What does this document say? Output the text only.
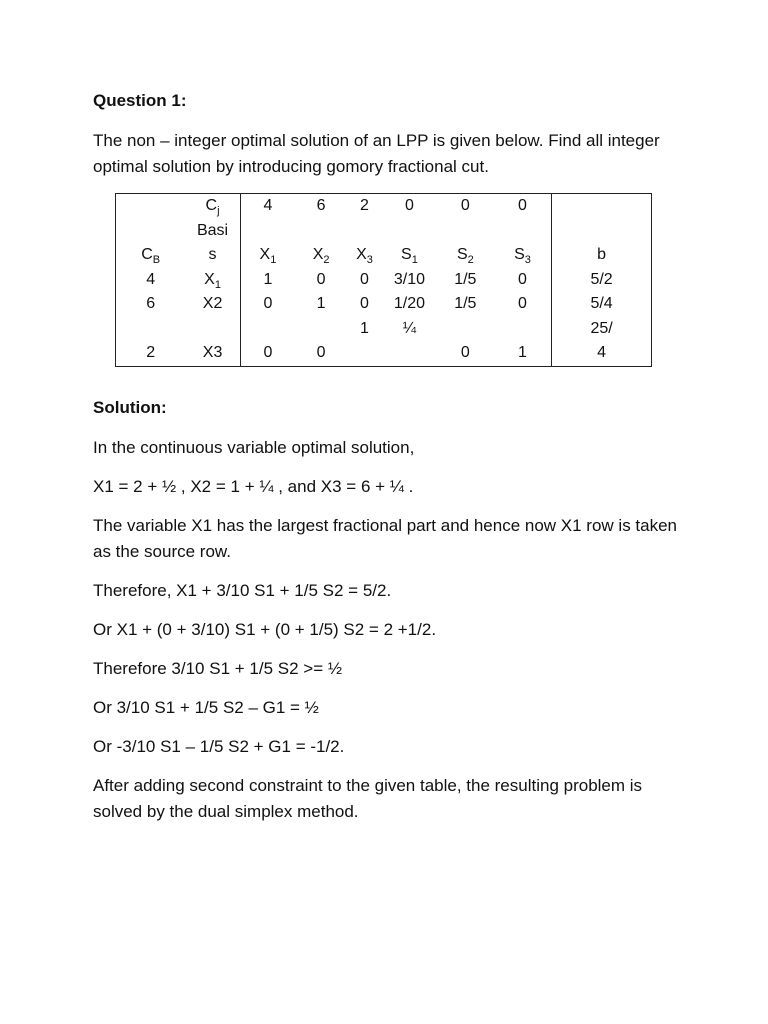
Question 1:
The non – integer optimal solution of an LPP is given below. Find all integer optimal solution by introducing gomory fractional cut.
	$C_j$	4	6	2	0	0	0	
	Basi							
$C_B$	s	$X_1$	$X_2$	$X_3$	$S_1$	$S_2$	$S_3$	b
4	$X_1$	1	0	0	3/10	1/5	0	5/2
6	X2	0	1	0	1/20	1/5	0	5/4
				1	¼			25/
2	X3	0	0			0	1	4
Solution:
In the continuous variable optimal solution,
X1 = 2 + ½ , X2 = 1 + ¼ , and X3 = 6 + ¼ .
The variable X1 has the largest fractional part and hence now X1 row is taken as the source row.
Therefore, X1 + 3/10 S1 + 1/5 S2 = 5/2.
Or X1 + (0 + 3/10) S1 + (0 + 1/5) S2 = 2 +1/2.
Therefore 3/10 S1 + 1/5 S2 >= ½
Or 3/10 S1 + 1/5 S2 – G1 = ½
Or -3/10 S1 – 1/5 S2 + G1 = -1/2.
After adding second constraint to the given table, the resulting problem is solved by the dual simplex method.
